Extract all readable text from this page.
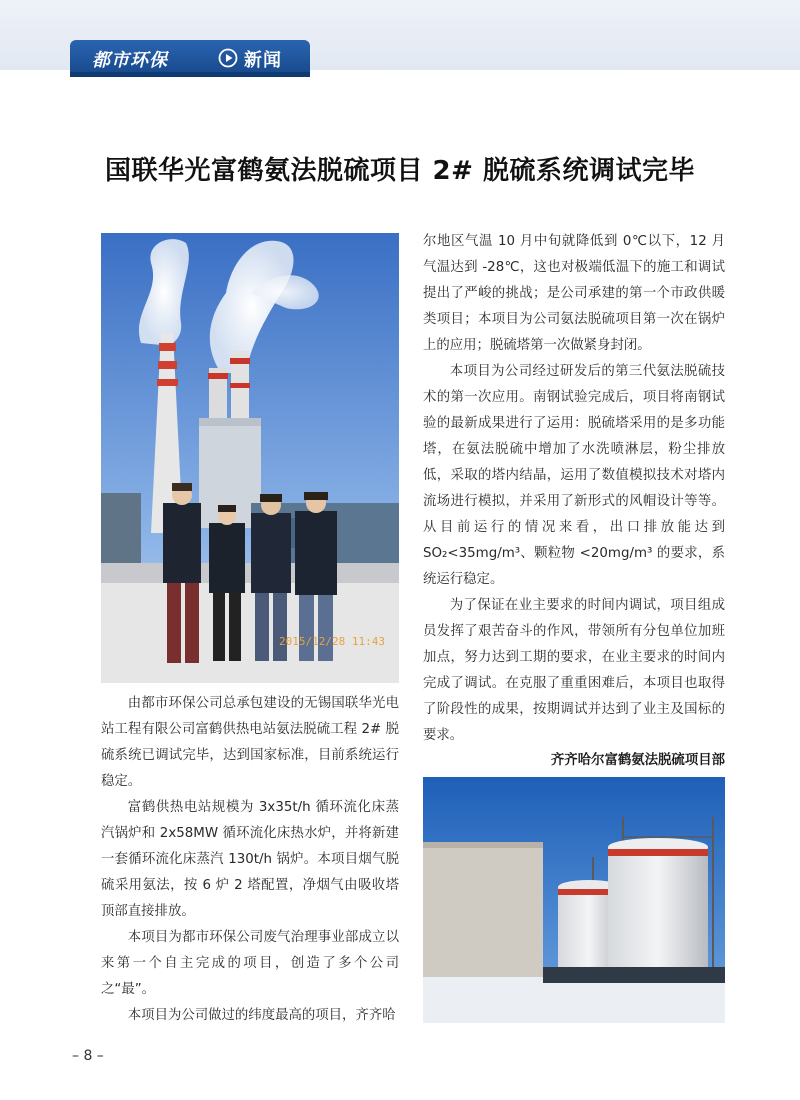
都市环保	新闻
国联华光富鹤氨法脱硫项目 2# 脱硫系统调试完毕
2015/12/28 11:43

由都市环保公司总承包建设的无锡国联华光电站工程有限公司富鹤供热电站氨法脱硫工程 2# 脱硫系统已调试完毕，达到国家标准，目前系统运行稳定。

富鹤供热电站规模为 3x35t/h 循环流化床蒸汽锅炉和 2x58MW 循环流化床热水炉，并将新建一套循环流化床蒸汽 130t/h 锅炉。本项目烟气脱硫采用氨法，按 6 炉 2 塔配置，净烟气由吸收塔顶部直接排放。

本项目为都市环保公司废气治理事业部成立以来第一个自主完成的项目，创造了多个公司之“最”。

本项目为公司做过的纬度最高的项目，齐齐哈

尔地区气温 10 月中旬就降低到 0℃以下，12 月气温达到 -28℃，这也对极端低温下的施工和调试提出了严峻的挑战；是公司承建的第一个市政供暖类项目；本项目为公司氨法脱硫项目第一次在锅炉上的应用；脱硫塔第一次做紧身封闭。

本项目为公司经过研发后的第三代氨法脱硫技术的第一次应用。南钢试验完成后，项目将南钢试验的最新成果进行了运用：脱硫塔采用的是多功能塔，在氨法脱硫中增加了水洗喷淋层，粉尘排放低，采取的塔内结晶，运用了数值模拟技术对塔内流场进行模拟，并采用了新形式的风帽设计等等。从目前运行的情况来看，出口排放能达到 SO₂<35mg/m³、颗粒物 <20mg/m³ 的要求，系统运行稳定。

为了保证在业主要求的时间内调试，项目组成员发挥了艰苦奋斗的作风，带领所有分包单位加班加点，努力达到工期的要求，在业主要求的时间内完成了调试。在克服了重重困难后，本项目也取得了阶段性的成果，按期调试并达到了业主及国标的要求。

齐齐哈尔富鹤氨法脱硫项目部
– 8 –
